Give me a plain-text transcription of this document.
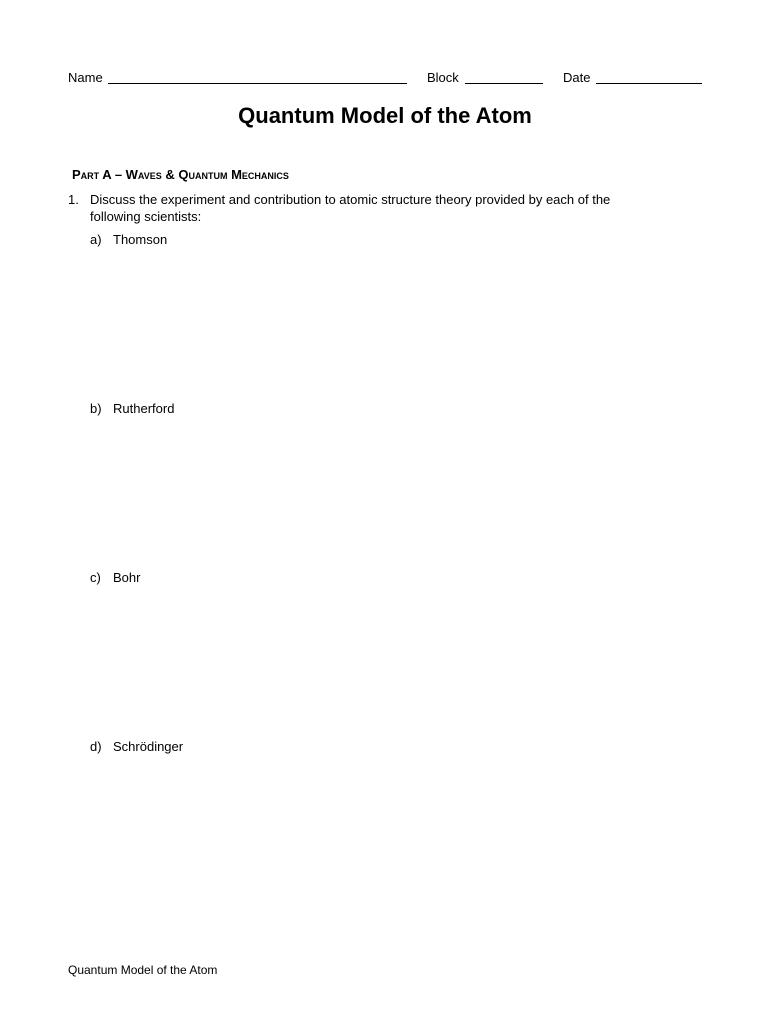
Name	Block	Date
Quantum Model of the Atom
Part A – Waves & Quantum Mechanics
1. Discuss the experiment and contribution to atomic structure theory provided by each of the following scientists:
a) Thomson
b) Rutherford
c) Bohr
d) Schrödinger
Quantum Model of the Atom
